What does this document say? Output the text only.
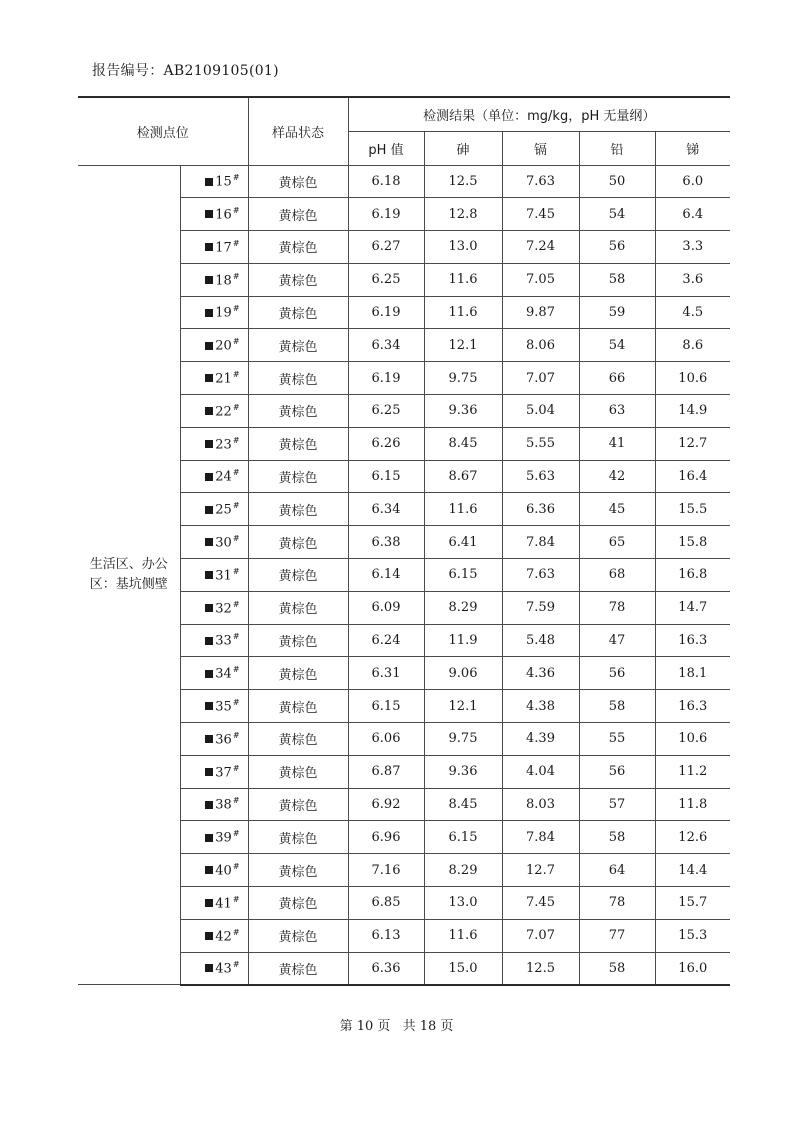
报告编号：AB2109105(01)
检测点位		样品状态	检测结果（单位：mg/kg，pH 无量纲）				
			pH 值	砷	镉	铅	锑
生活区、办公区：基坑侧壁	15#	黄棕色	6.18	12.5	7.63	50	6.0
	16#	黄棕色	6.19	12.8	7.45	54	6.4
	17#	黄棕色	6.27	13.0	7.24	56	3.3
	18#	黄棕色	6.25	11.6	7.05	58	3.6
	19#	黄棕色	6.19	11.6	9.87	59	4.5
	20#	黄棕色	6.34	12.1	8.06	54	8.6
	21#	黄棕色	6.19	9.75	7.07	66	10.6
	22#	黄棕色	6.25	9.36	5.04	63	14.9
	23#	黄棕色	6.26	8.45	5.55	41	12.7
	24#	黄棕色	6.15	8.67	5.63	42	16.4
	25#	黄棕色	6.34	11.6	6.36	45	15.5
	30#	黄棕色	6.38	6.41	7.84	65	15.8
	31#	黄棕色	6.14	6.15	7.63	68	16.8
	32#	黄棕色	6.09	8.29	7.59	78	14.7
	33#	黄棕色	6.24	11.9	5.48	47	16.3
	34#	黄棕色	6.31	9.06	4.36	56	18.1
	35#	黄棕色	6.15	12.1	4.38	58	16.3
	36#	黄棕色	6.06	9.75	4.39	55	10.6
	37#	黄棕色	6.87	9.36	4.04	56	11.2
	38#	黄棕色	6.92	8.45	8.03	57	11.8
	39#	黄棕色	6.96	6.15	7.84	58	12.6
	40#	黄棕色	7.16	8.29	12.7	64	14.4
	41#	黄棕色	6.85	13.0	7.45	78	15.7
	42#	黄棕色	6.13	11.6	7.07	77	15.3
	43#	黄棕色	6.36	15.0	12.5	58	16.0
第 10 页 共 18 页
